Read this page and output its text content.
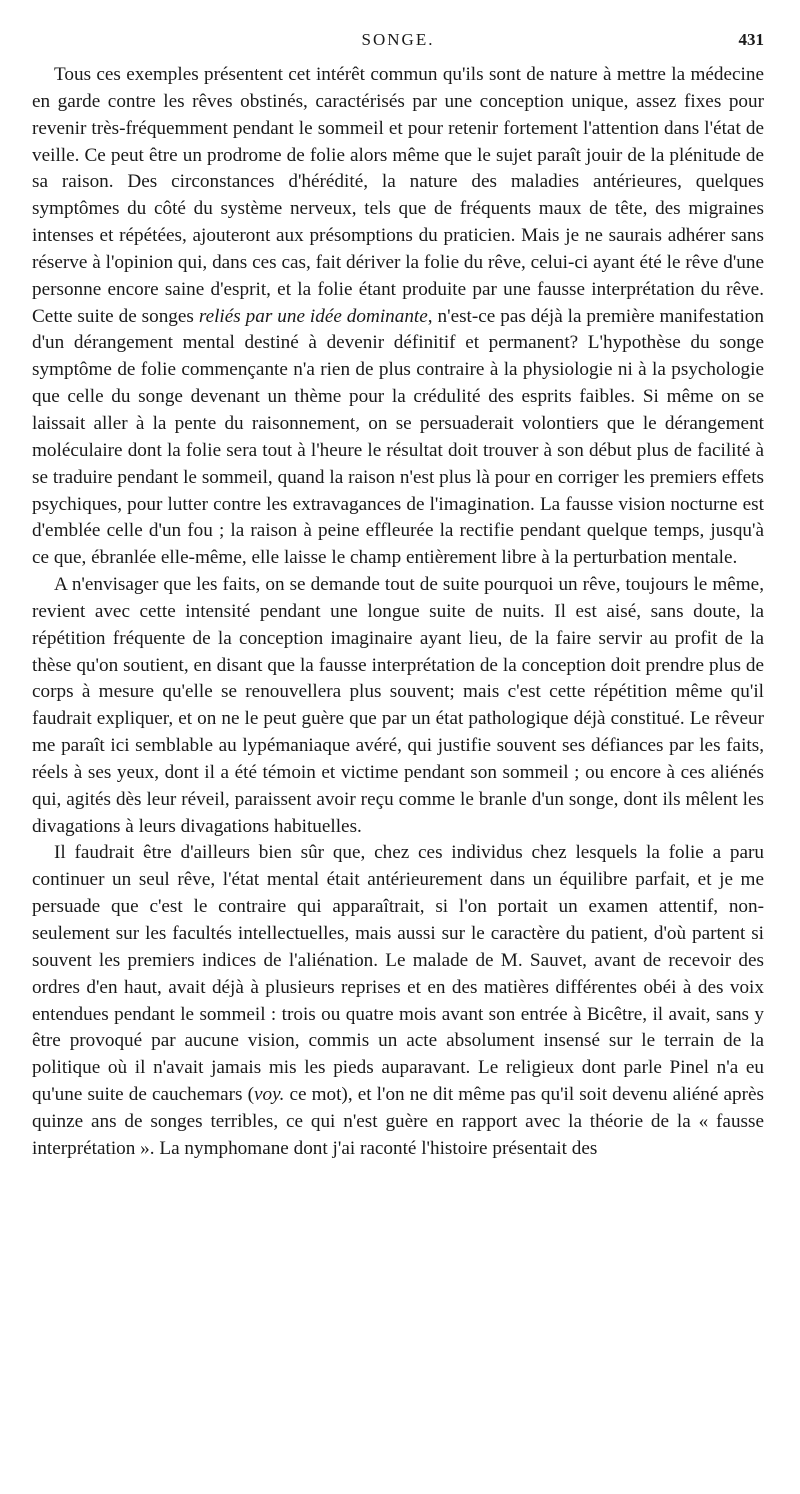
SONGE.	431

Tous ces exemples présentent cet intérêt commun qu'ils sont de nature à mettre la médecine en garde contre les rêves obstinés, caractérisés par une conception unique, assez fixes pour revenir très-fréquemment pendant le sommeil et pour retenir fortement l'attention dans l'état de veille. Ce peut être un prodrome de folie alors même que le sujet paraît jouir de la plénitude de sa raison. Des circonstances d'hérédité, la nature des maladies antérieures, quelques symptômes du côté du système nerveux, tels que de fréquents maux de tête, des migraines intenses et répétées, ajouteront aux présomptions du praticien. Mais je ne saurais adhérer sans réserve à l'opinion qui, dans ces cas, fait dériver la folie du rêve, celui-ci ayant été le rêve d'une personne encore saine d'esprit, et la folie étant produite par une fausse interprétation du rêve. Cette suite de songes reliés par une idée dominante, n'est-ce pas déjà la première manifestation d'un dérangement mental destiné à devenir définitif et permanent? L'hypothèse du songe symptôme de folie commençante n'a rien de plus contraire à la physiologie ni à la psychologie que celle du songe devenant un thème pour la crédulité des esprits faibles. Si même on se laissait aller à la pente du raisonnement, on se persuaderait volontiers que le dérangement moléculaire dont la folie sera tout à l'heure le résultat doit trouver à son début plus de facilité à se traduire pendant le sommeil, quand la raison n'est plus là pour en corriger les premiers effets psychiques, pour lutter contre les extravagances de l'imagination. La fausse vision nocturne est d'emblée celle d'un fou ; la raison à peine effleurée la rectifie pendant quelque temps, jusqu'à ce que, ébranlée elle-même, elle laisse le champ entièrement libre à la perturbation mentale.

A n'envisager que les faits, on se demande tout de suite pourquoi un rêve, toujours le même, revient avec cette intensité pendant une longue suite de nuits. Il est aisé, sans doute, la répétition fréquente de la conception imaginaire ayant lieu, de la faire servir au profit de la thèse qu'on soutient, en disant que la fausse interprétation de la conception doit prendre plus de corps à mesure qu'elle se renouvellera plus souvent; mais c'est cette répétition même qu'il faudrait expliquer, et on ne le peut guère que par un état pathologique déjà constitué. Le rêveur me paraît ici semblable au lypémaniaque avéré, qui justifie souvent ses défiances par les faits, réels à ses yeux, dont il a été témoin et victime pendant son sommeil ; ou encore à ces aliénés qui, agités dès leur réveil, paraissent avoir reçu comme le branle d'un songe, dont ils mêlent les divagations à leurs divagations habituelles.

Il faudrait être d'ailleurs bien sûr que, chez ces individus chez lesquels la folie a paru continuer un seul rêve, l'état mental était antérieurement dans un équilibre parfait, et je me persuade que c'est le contraire qui apparaîtrait, si l'on portait un examen attentif, non-seulement sur les facultés intellectuelles, mais aussi sur le caractère du patient, d'où partent si souvent les premiers indices de l'aliénation. Le malade de M. Sauvet, avant de recevoir des ordres d'en haut, avait déjà à plusieurs reprises et en des matières différentes obéi à des voix entendues pendant le sommeil : trois ou quatre mois avant son entrée à Bicêtre, il avait, sans y être provoqué par aucune vision, commis un acte absolument insensé sur le terrain de la politique où il n'avait jamais mis les pieds auparavant. Le religieux dont parle Pinel n'a eu qu'une suite de cauchemars (voy. ce mot), et l'on ne dit même pas qu'il soit devenu aliéné après quinze ans de songes terribles, ce qui n'est guère en rapport avec la théorie de la « fausse interprétation ». La nymphomane dont j'ai raconté l'histoire présentait des
